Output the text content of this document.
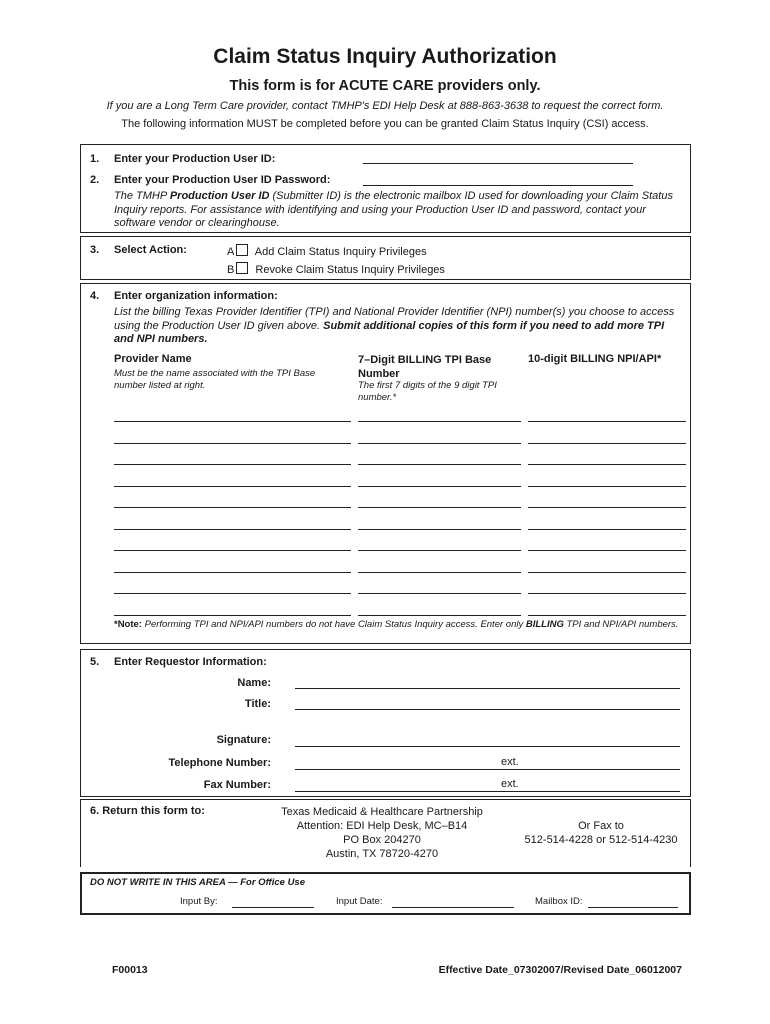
Claim Status Inquiry Authorization
This form is for ACUTE CARE providers only.
If you are a Long Term Care provider, contact TMHP's EDI Help Desk at 888-863-3638 to request the correct form.
The following information MUST be completed before you can be granted Claim Status Inquiry (CSI) access.
1. Enter your Production User ID:
2. Enter your Production User ID Password:
The TMHP Production User ID (Submitter ID) is the electronic mailbox ID used for downloading your Claim Status Inquiry reports. For assistance with identifying and using your Production User ID and password, contact your software vendor or clearinghouse.
3. Select Action:	A Add Claim Status Inquiry Privileges
B Revoke Claim Status Inquiry Privileges
4. Enter organization information:
List the billing Texas Provider Identifier (TPI) and National Provider Identifier (NPI) number(s) you choose to access using the Production User ID given above. Submit additional copies of this form if you need to add more TPI and NPI numbers.
Provider Name
Must be the name associated with the TPI Base number listed at right.
7–Digit BILLING TPI Base Number
The first 7 digits of the 9 digit TPI number.*
10-digit BILLING NPI/API*
*Note: Performing TPI and NPI/API numbers do not have Claim Status Inquiry access. Enter only BILLING TPI and NPI/API numbers.
5. Enter Requestor Information:
Name:
Title:
Signature:
Telephone Number:	ext.
Fax Number:	ext.
6. Return this form to:	Texas Medicaid & Healthcare Partnership
Attention: EDI Help Desk, MC–B14
PO Box 204270
Austin, TX 78720-4270
Or Fax to
512-514-4228 or 512-514-4230
DO NOT WRITE IN THIS AREA — For Office Use
Input By:	Input Date:	Mailbox ID:
F00013	Effective Date_07302007/Revised Date_06012007
